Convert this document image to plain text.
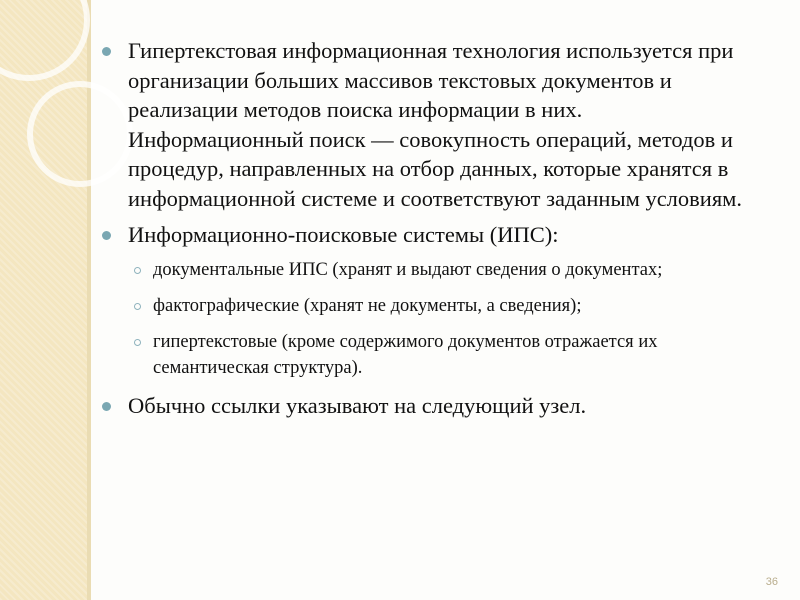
Гипертекстовая информационная технология используется при организации больших массивов текстовых документов и реализации методов поиска информации в них. Информационный поиск — совокупность операций, методов и процедур, направленных на отбор данных, которые хранятся в информационной системе и соответствуют заданным условиям.
Информационно-поисковые системы (ИПС):
документальные ИПС (хранят и выдают сведения о документах;
фактографические (хранят не документы, а сведения);
гипертекстовые (кроме содержимого документов отражается их семантическая структура).
Обычно ссылки указывают на следующий узел.
36
